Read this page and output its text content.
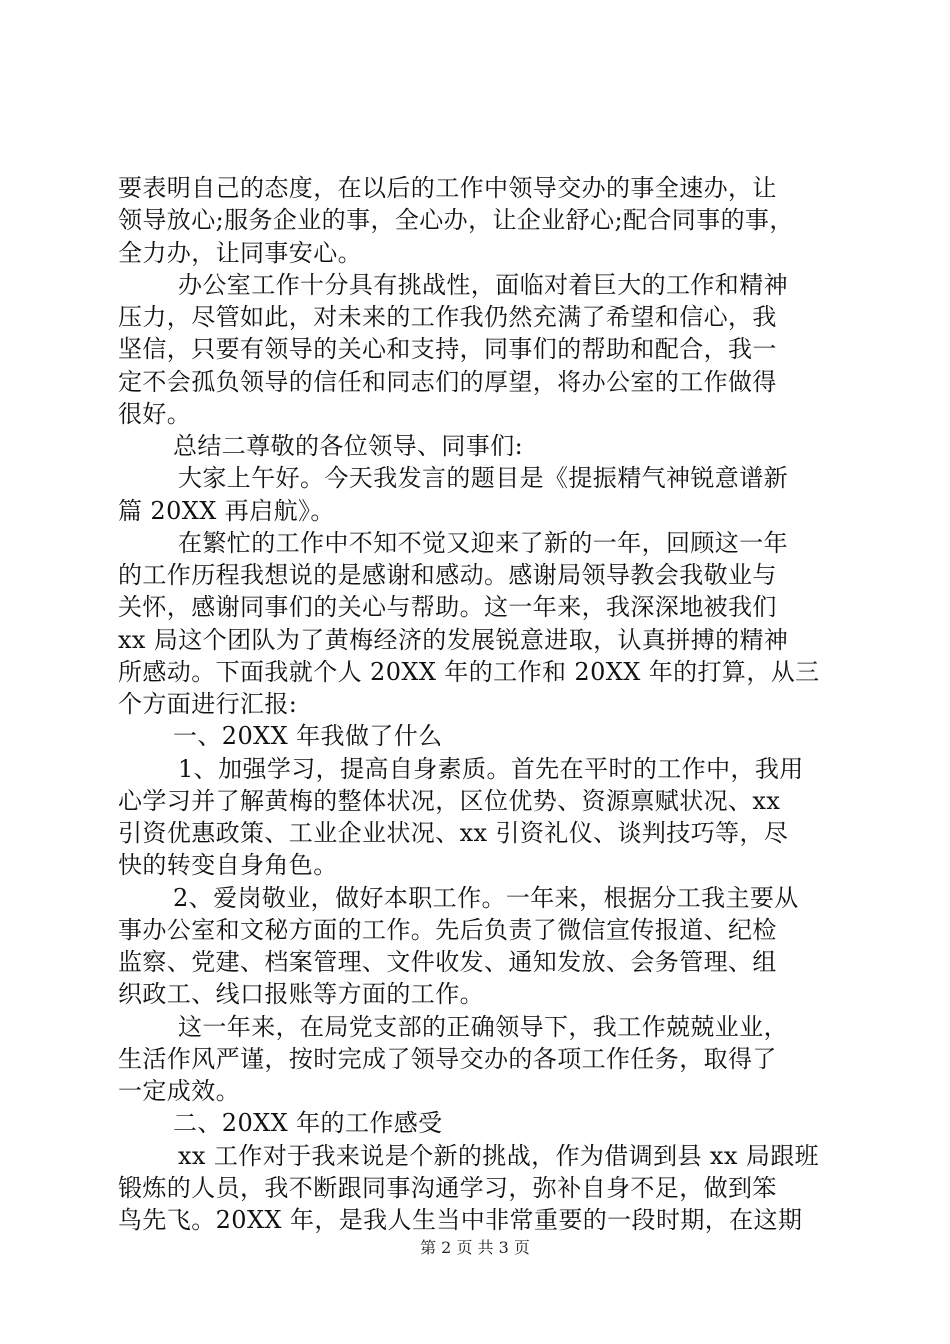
要表明自己的态度，在以后的工作中领导交办的事全速办，让
领导放心;服务企业的事，全心办，让企业舒心;配合同事的事，
全力办，让同事安心。
办公室工作十分具有挑战性，面临对着巨大的工作和精神
压力，尽管如此，对未来的工作我仍然充满了希望和信心，我
坚信，只要有领导的关心和支持，同事们的帮助和配合，我一
定不会孤负领导的信任和同志们的厚望，将办公室的工作做得
很好。
总结二尊敬的各位领导、同事们:
大家上午好。今天我发言的题目是《提振精气神锐意谱新
篇 20XX 再启航》。
在繁忙的工作中不知不觉又迎来了新的一年，回顾这一年
的工作历程我想说的是感谢和感动。感谢局领导教会我敬业与
关怀，感谢同事们的关心与帮助。这一年来，我深深地被我们
xx 局这个团队为了黄梅经济的发展锐意进取，认真拼搏的精神
所感动。下面我就个人 20XX 年的工作和 20XX 年的打算，从三
个方面进行汇报:
一、20XX 年我做了什么
1、加强学习，提高自身素质。首先在平时的工作中，我用
心学习并了解黄梅的整体状况，区位优势、资源禀赋状况、xx
引资优惠政策、工业企业状况、xx 引资礼仪、谈判技巧等，尽
快的转变自身角色。
2、爱岗敬业，做好本职工作。一年来，根据分工我主要从
事办公室和文秘方面的工作。先后负责了微信宣传报道、纪检
监察、党建、档案管理、文件收发、通知发放、会务管理、组
织政工、线口报账等方面的工作。
这一年来，在局党支部的正确领导下，我工作兢兢业业，
生活作风严谨，按时完成了领导交办的各项工作任务，取得了
一定成效。
二、20XX 年的工作感受
xx 工作对于我来说是个新的挑战，作为借调到县 xx 局跟班
锻炼的人员，我不断跟同事沟通学习，弥补自身不足，做到笨
鸟先飞。20XX 年，是我人生当中非常重要的一段时期，在这期
第 2 页 共 3 页
